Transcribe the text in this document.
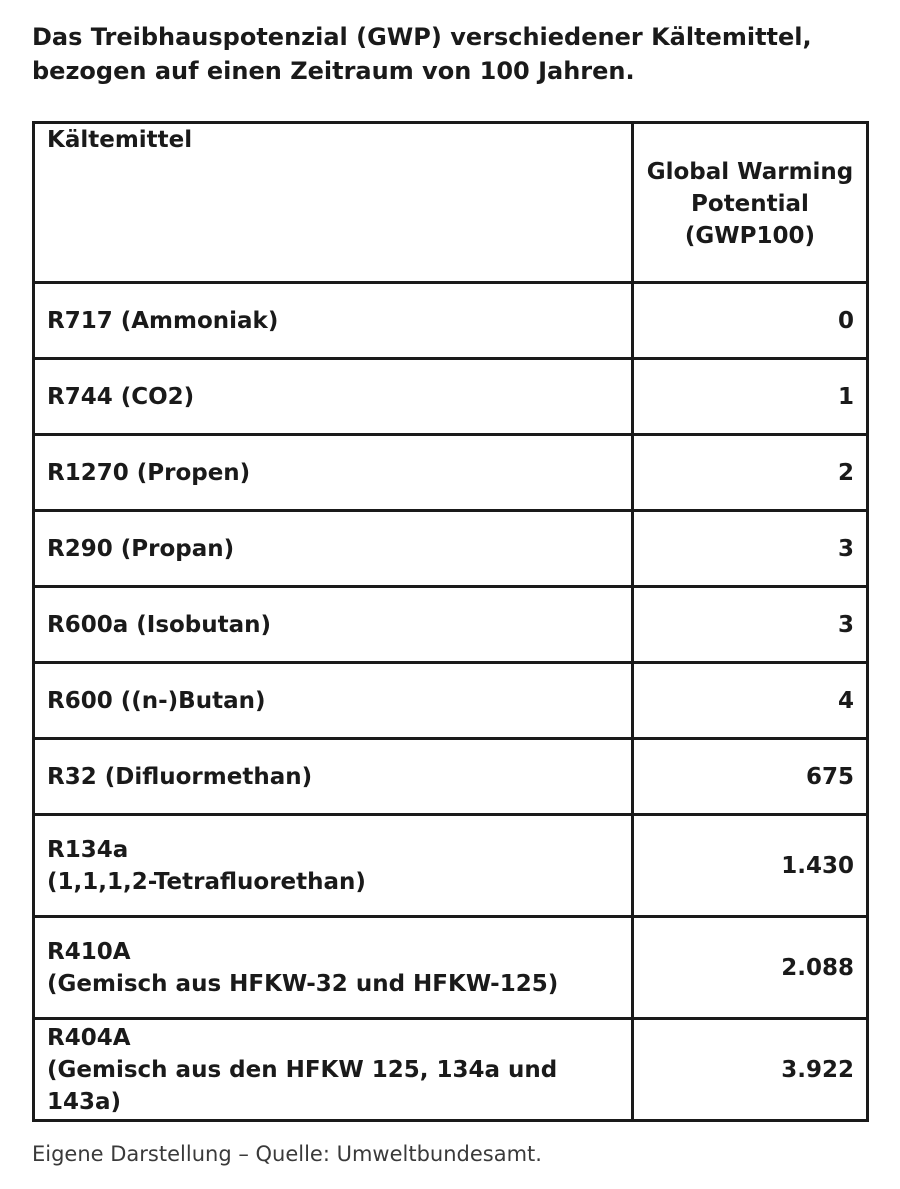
Das Treibhauspotenzial (GWP) verschiedener Kältemittel,
bezogen auf einen Zeitraum von 100 Jahren.
Kältemittel	Global Warming
Potential
(GWP100)

R717 (Ammoniak)	0

R744 (CO2)	1

R1270 (Propen)	2

R290 (Propan)	3

R600a (Isobutan)	3

R600 ((n-)Butan)	4

R32 (Difluormethan)	675

R134a
(1,1,1,2-Tetrafluorethan)	1.430

R410A
(Gemisch aus HFKW-32 und HFKW-125)	2.088

R404A
(Gemisch aus den HFKW 125, 134a und 143a)	3.922

Eigene Darstellung – Quelle: Umweltbundesamt.
